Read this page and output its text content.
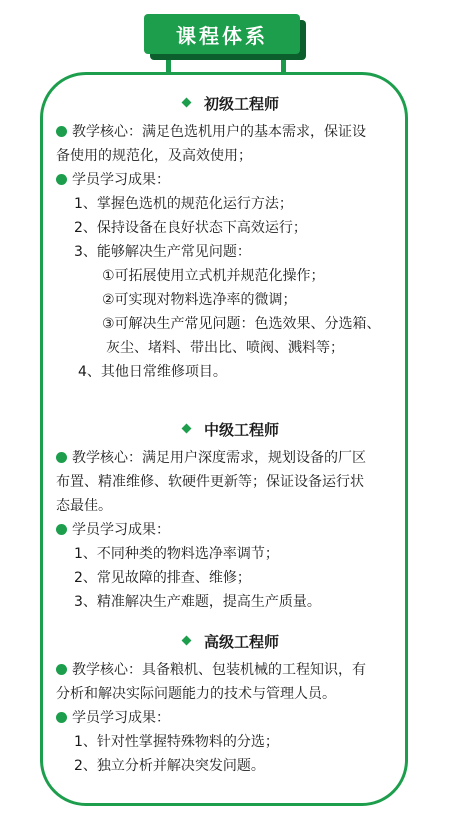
课程体系
初级工程师
教学核心：满足色选机用户的基本需求，保证设
备使用的规范化，及高效使用；
学员学习成果：
1、掌握色选机的规范化运行方法；
2、保持设备在良好状态下高效运行；
3、能够解决生产常见问题：
①可拓展使用立式机并规范化操作；
②可实现对物料选净率的微调；
③可解决生产常见问题：色选效果、分选箱、
灰尘、堵料、带出比、喷阀、溅料等；
4、其他日常维修项目。
中级工程师
教学核心：满足用户深度需求，规划设备的厂区
布置、精准维修、软硬件更新等；保证设备运行状
态最佳。
学员学习成果：
1、不同种类的物料选净率调节；
2、常见故障的排查、维修；
3、精准解决生产难题，提高生产质量。
高级工程师
教学核心：具备粮机、包装机械的工程知识，有
分析和解决实际问题能力的技术与管理人员。
学员学习成果：
1、针对性掌握特殊物料的分选；
2、独立分析并解决突发问题。
